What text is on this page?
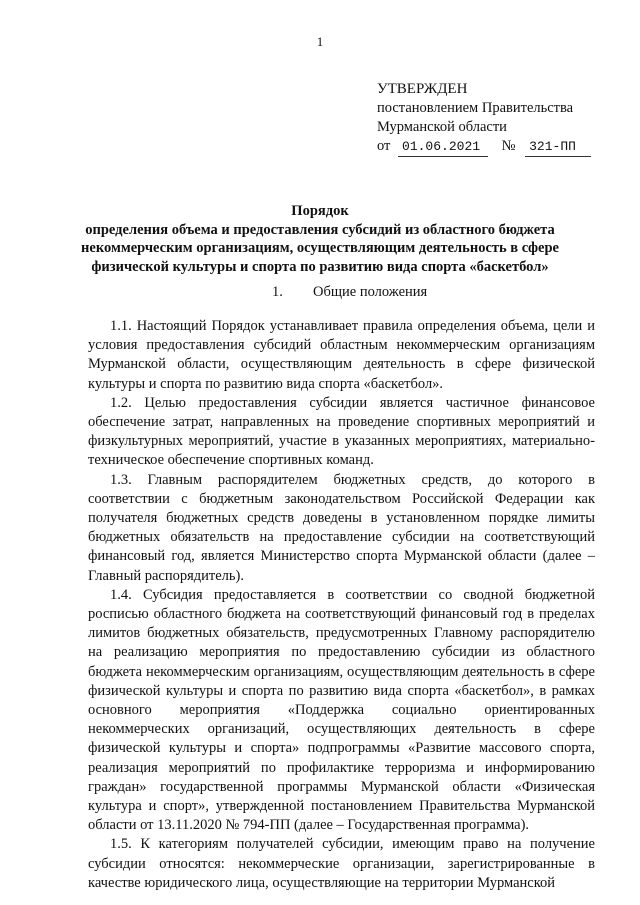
1
УТВЕРЖДЕН
постановлением Правительства
Мурманской области
от 01.06.2021 № 321-ПП
Порядок
определения объема и предоставления субсидий из областного бюджета
некоммерческим организациям, осуществляющим деятельность в сфере
физической культуры и спорта по развитию вида спорта «баскетбол»
1. Общие положения

1.1. Настоящий Порядок устанавливает правила определения объема, цели и условия предоставления субсидий областным некоммерческим организациям Мурманской области, осуществляющим деятельность в сфере физической культуры и спорта по развитию вида спорта «баскетбол».

1.2. Целью предоставления субсидии является частичное финансовое обеспечение затрат, направленных на проведение спортивных мероприятий и физкультурных мероприятий, участие в указанных мероприятиях, материально-техническое обеспечение спортивных команд.

1.3. Главным распорядителем бюджетных средств, до которого в соответствии с бюджетным законодательством Российской Федерации как получателя бюджетных средств доведены в установленном порядке лимиты бюджетных обязательств на предоставление субсидии на соответствующий финансовый год, является Министерство спорта Мурманской области (далее – Главный распорядитель).

1.4. Субсидия предоставляется в соответствии со сводной бюджетной росписью областного бюджета на соответствующий финансовый год в пределах лимитов бюджетных обязательств, предусмотренных Главному распорядителю на реализацию мероприятия по предоставлению субсидии из областного бюджета некоммерческим организациям, осуществляющим деятельность в сфере физической культуры и спорта по развитию вида спорта «баскетбол», в рамках основного мероприятия «Поддержка социально ориентированных некоммерческих организаций, осуществляющих деятельность в сфере физической культуры и спорта» подпрограммы «Развитие массового спорта, реализация мероприятий по профилактике терроризма и информированию граждан» государственной программы Мурманской области «Физическая культура и спорт», утвержденной постановлением Правительства Мурманской области от 13.11.2020 № 794-ПП (далее – Государственная программа).

1.5. К категориям получателей субсидии, имеющим право на получение субсидии относятся: некоммерческие организации, зарегистрированные в качестве юридического лица, осуществляющие на территории Мурманской
